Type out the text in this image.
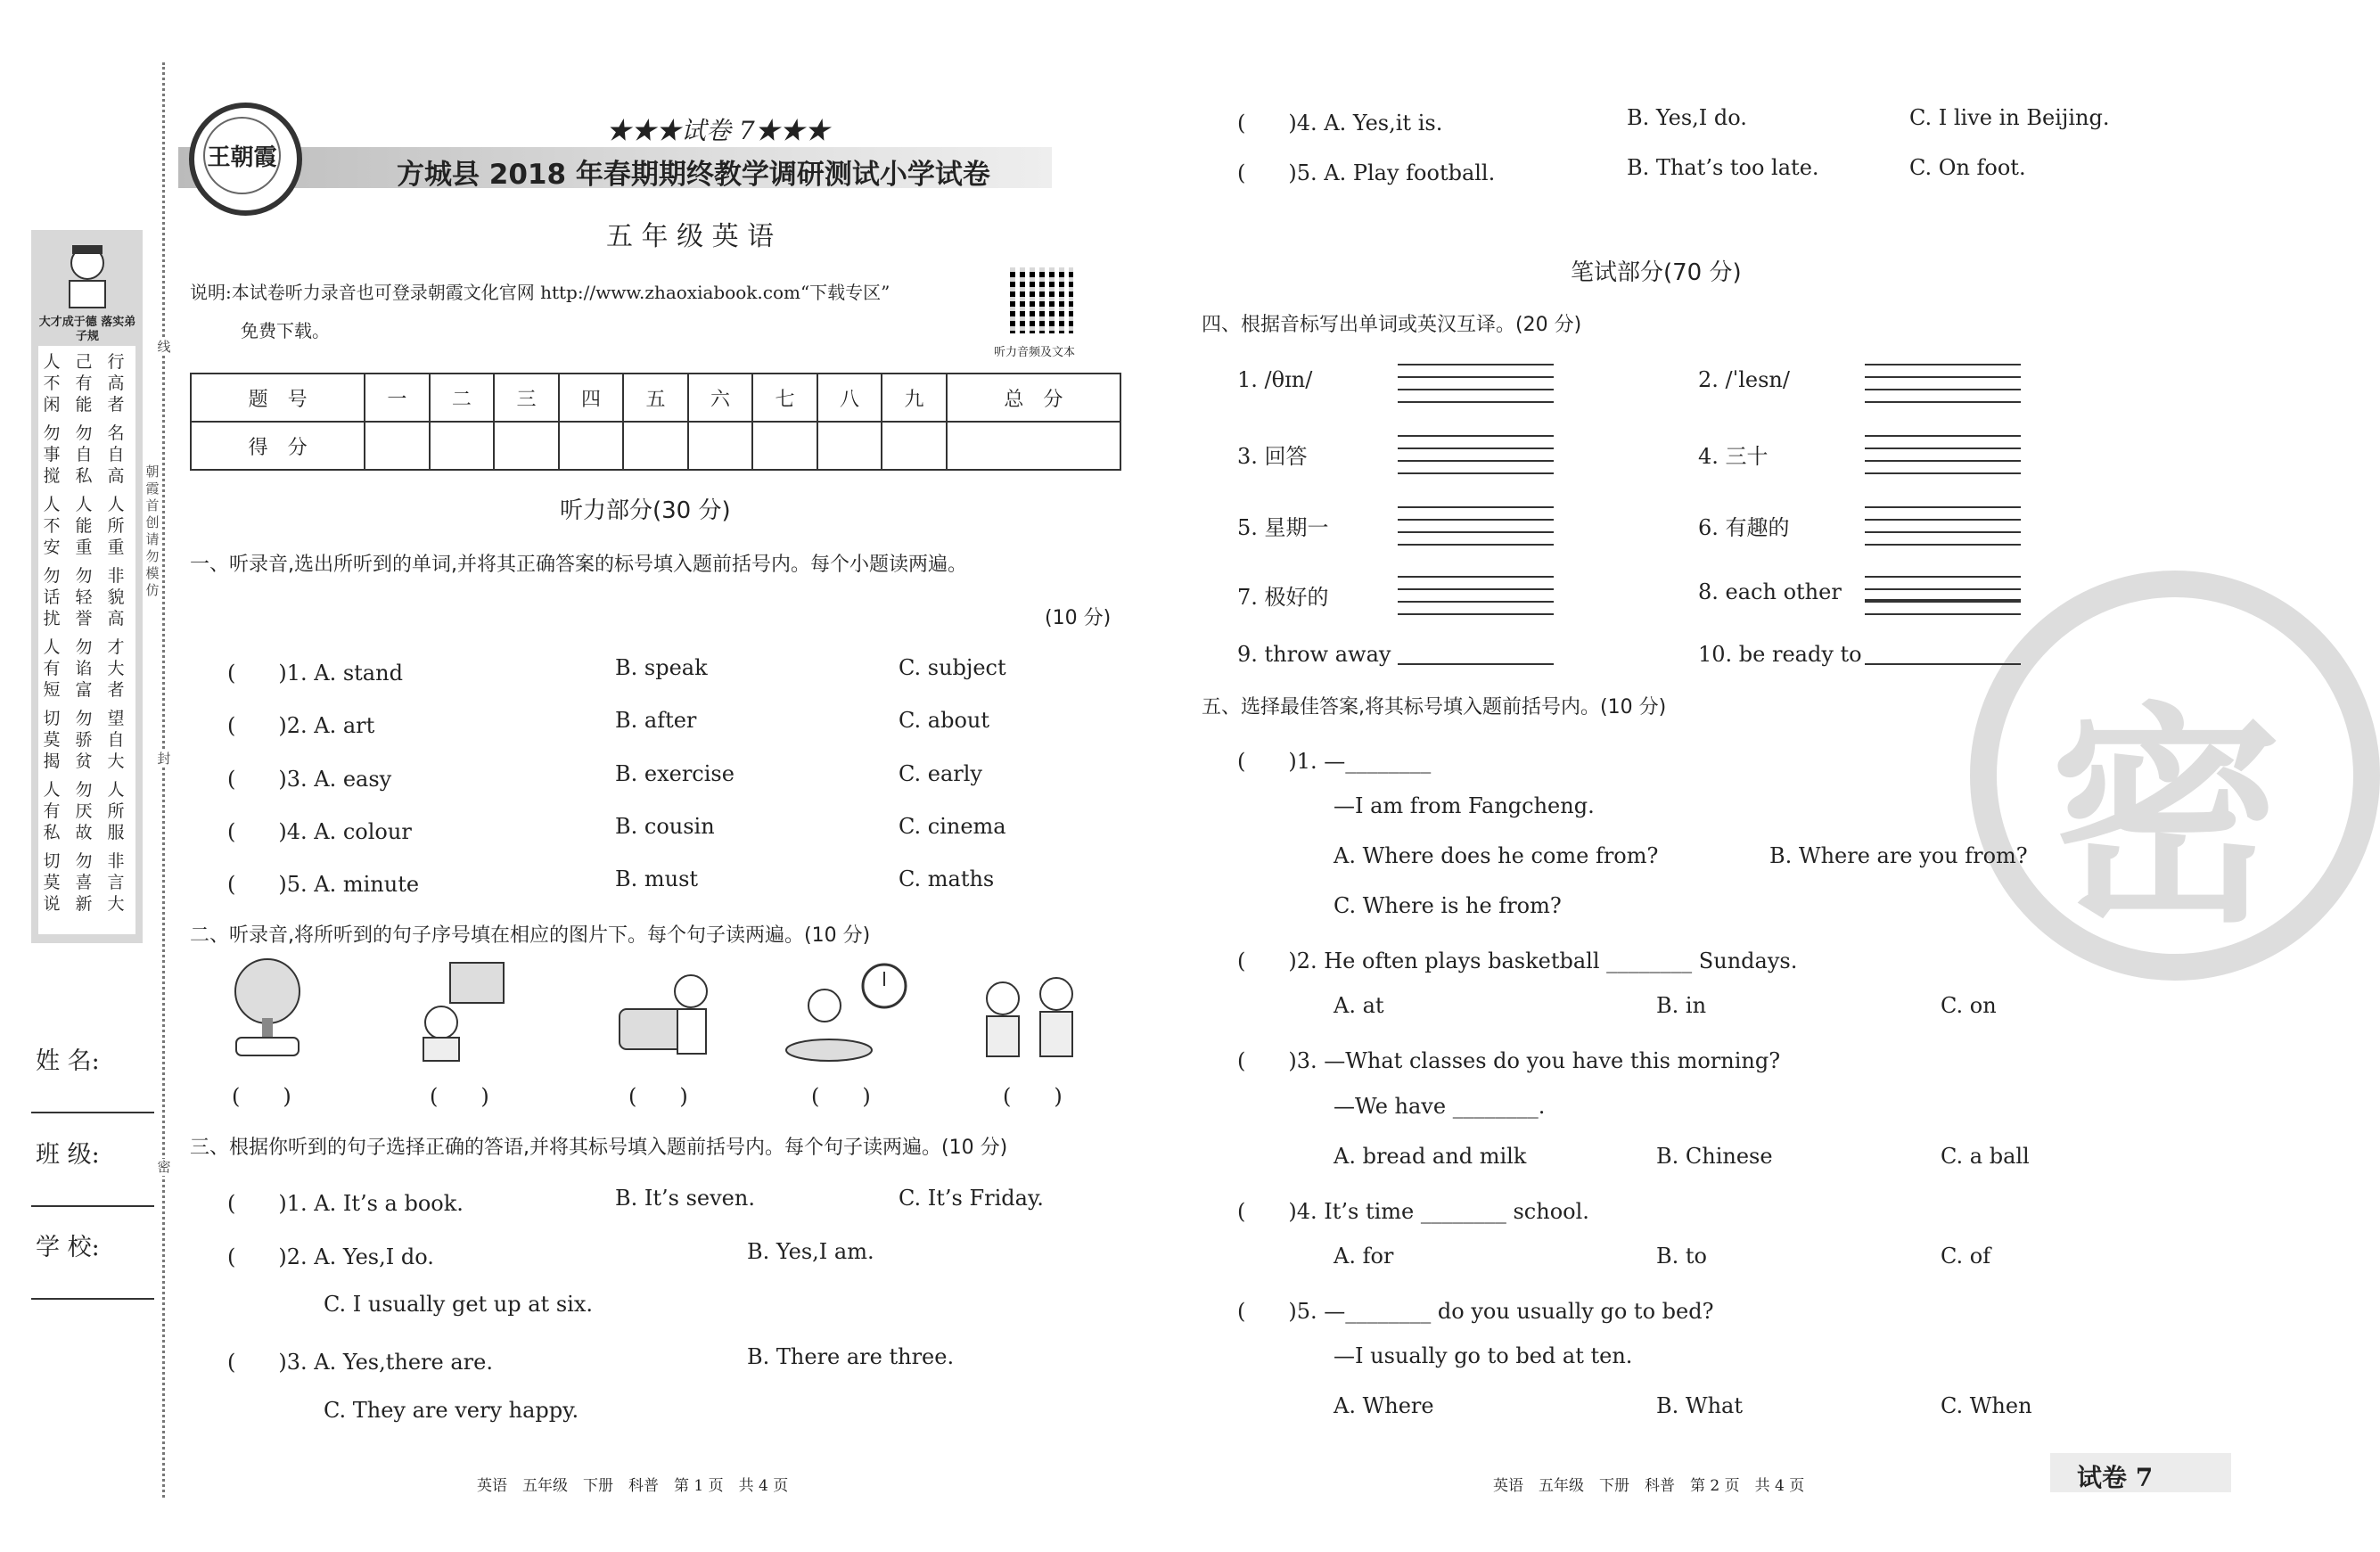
线
封
密
朝霞首创 请勿模仿
大才成于德 落实弟子规
人不闲
己有能
行高者
勿事搅
勿自私
名自高
人不安
人能重
人所重
勿话扰
勿轻誉
非貌高
人有短
勿谄富
才大者
切莫揭
勿骄贫
望自大
人有私
勿厌故
人所服
切莫说
勿喜新
非言大
姓 名:
班 级:
学 校:
王朝霞
★★★试卷 7★★★
方城县 2018 年春期期终教学调研测试小学试卷
五 年 级 英 语
说明:本试卷听力录音也可登录朝霞文化官网 http://www.zhaoxiabook.com“下载专区”
免费下载。
听力音频及文本
题　号	一	二	三	四	五	六	七	八	九	总　分
得　分										
听力部分(30 分)
一、听录音,选出所听到的单词,并将其正确答案的标号填入题前括号内。每个小题读两遍。
(10 分)
(　　)1. A. stand	B. speak	C. subject
(　　)2. A. art	B. after	C. about
(　　)3. A. easy	B. exercise	C. early
(　　)4. A. colour	B. cousin	C. cinema
(　　)5. A. minute	B. must	C. maths
二、听录音,将所听到的句子序号填在相应的图片下。每个句子读两遍。(10 分)
(　　)	(　　)	(　　)	(　　)	(　　)
三、根据你听到的句子选择正确的答语,并将其标号填入题前括号内。每个句子读两遍。(10 分)
(　　)1. A. It’s a book.	B. It’s seven.	C. It’s Friday.
(　　)2. A. Yes,I do.	B. Yes,I am.
C. I usually get up at six.
(　　)3. A. Yes,there are.	B. There are three.
C. They are very happy.
英语　五年级　下册　科普　第 1 页　共 4 页
(　　)4. A. Yes,it is.	B. Yes,I do.	C. I live in Beijing.
(　　)5. A. Play football.	B. That’s too late.	C. On foot.
密
笔试部分(70 分)
四、根据音标写出单词或英汉互译。(20 分)
1. /θɪn/	2. /ˈlesn/
3. 回答	4. 三十
5. 星期一	6. 有趣的
7. 极好的	8. each other
9. throw away	10. be ready to
五、选择最佳答案,将其标号填入题前括号内。(10 分)
(　　)1. —________
—I am from Fangcheng.
A. Where does he come from?	B. Where are you from?
C. Where is he from?
(　　)2. He often plays basketball ________ Sundays.
A. at	B. in	C. on
(　　)3. —What classes do you have this morning?
—We have ________.
A. bread and milk	B. Chinese	C. a ball
(　　)4. It’s time ________ school.
A. for	B. to	C. of
(　　)5. —________ do you usually go to bed?
—I usually go to bed at ten.
A. Where	B. What	C. When
英语　五年级　下册　科普　第 2 页　共 4 页	试卷 7
